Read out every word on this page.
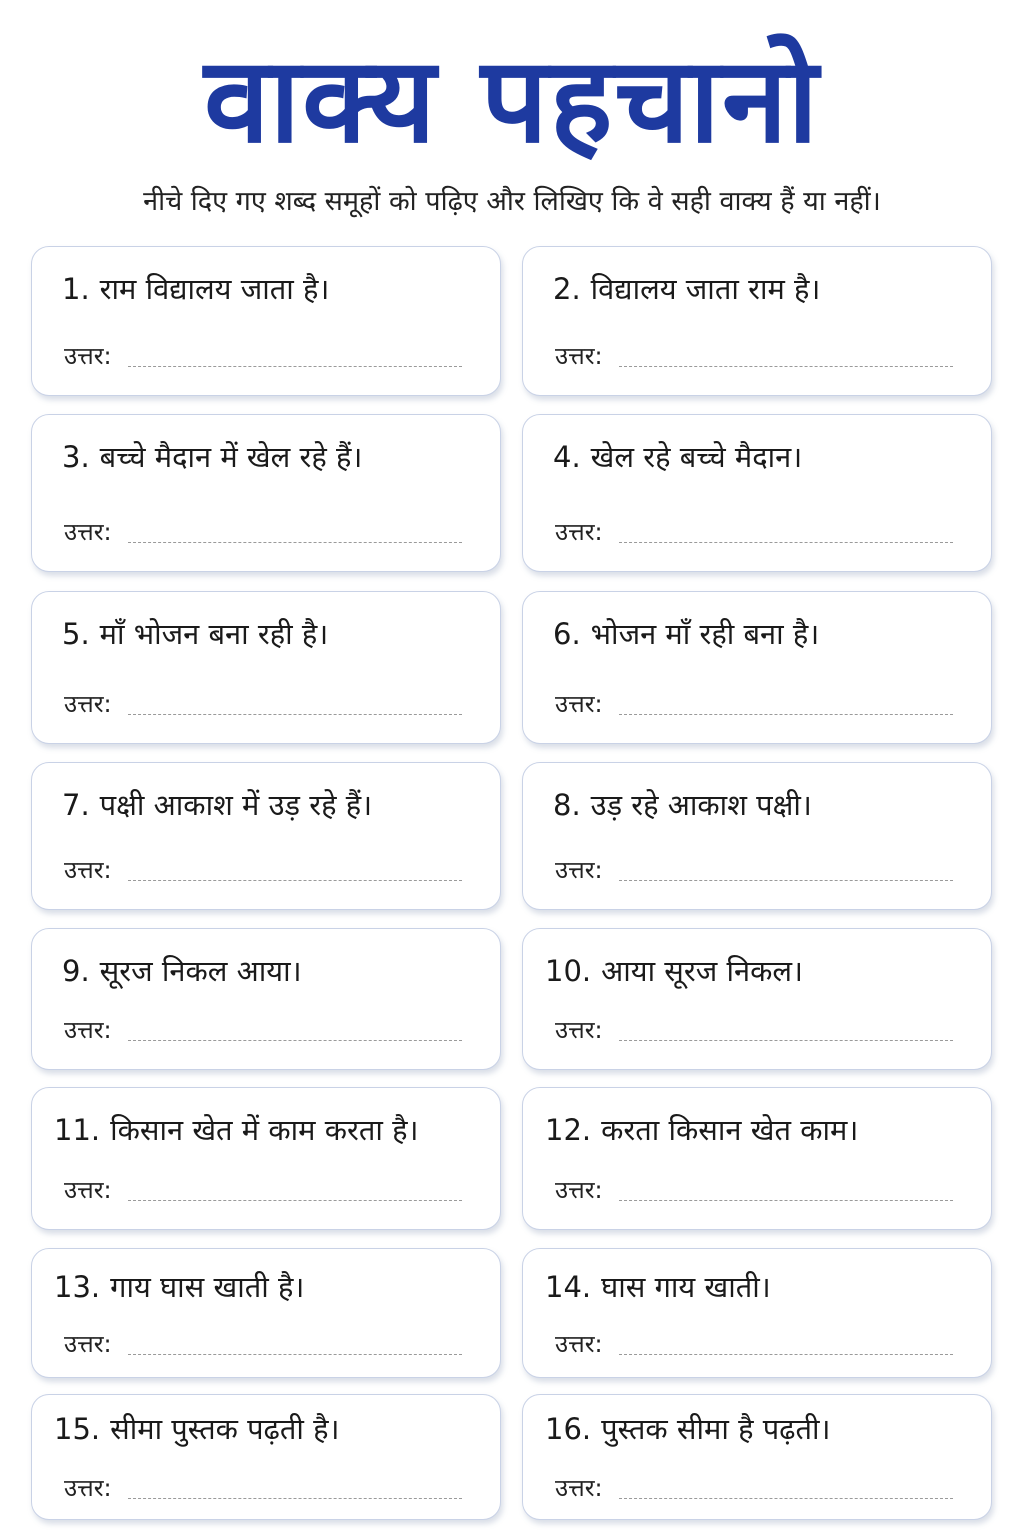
वाक्य पहचानो
नीचे दिए गए शब्द समूहों को पढ़िए और लिखिए कि वे सही वाक्य हैं या नहीं।
1. राम विद्यालय जाता है।
उत्तर:
2. विद्यालय जाता राम है।
उत्तर:
3. बच्चे मैदान में खेल रहे हैं।
उत्तर:
4. खेल रहे बच्चे मैदान।
उत्तर:
5. माँ भोजन बना रही है।
उत्तर:
6. भोजन माँ रही बना है।
उत्तर:
7. पक्षी आकाश में उड़ रहे हैं।
उत्तर:
8. उड़ रहे आकाश पक्षी।
उत्तर:
9. सूरज निकल आया।
उत्तर:
10. आया सूरज निकल।
उत्तर:
11. किसान खेत में काम करता है।
उत्तर:
12. करता किसान खेत काम।
उत्तर:
13. गाय घास खाती है।
उत्तर:
14. घास गाय खाती।
उत्तर:
15. सीमा पुस्तक पढ़ती है।
उत्तर:
16. पुस्तक सीमा है पढ़ती।
उत्तर:
